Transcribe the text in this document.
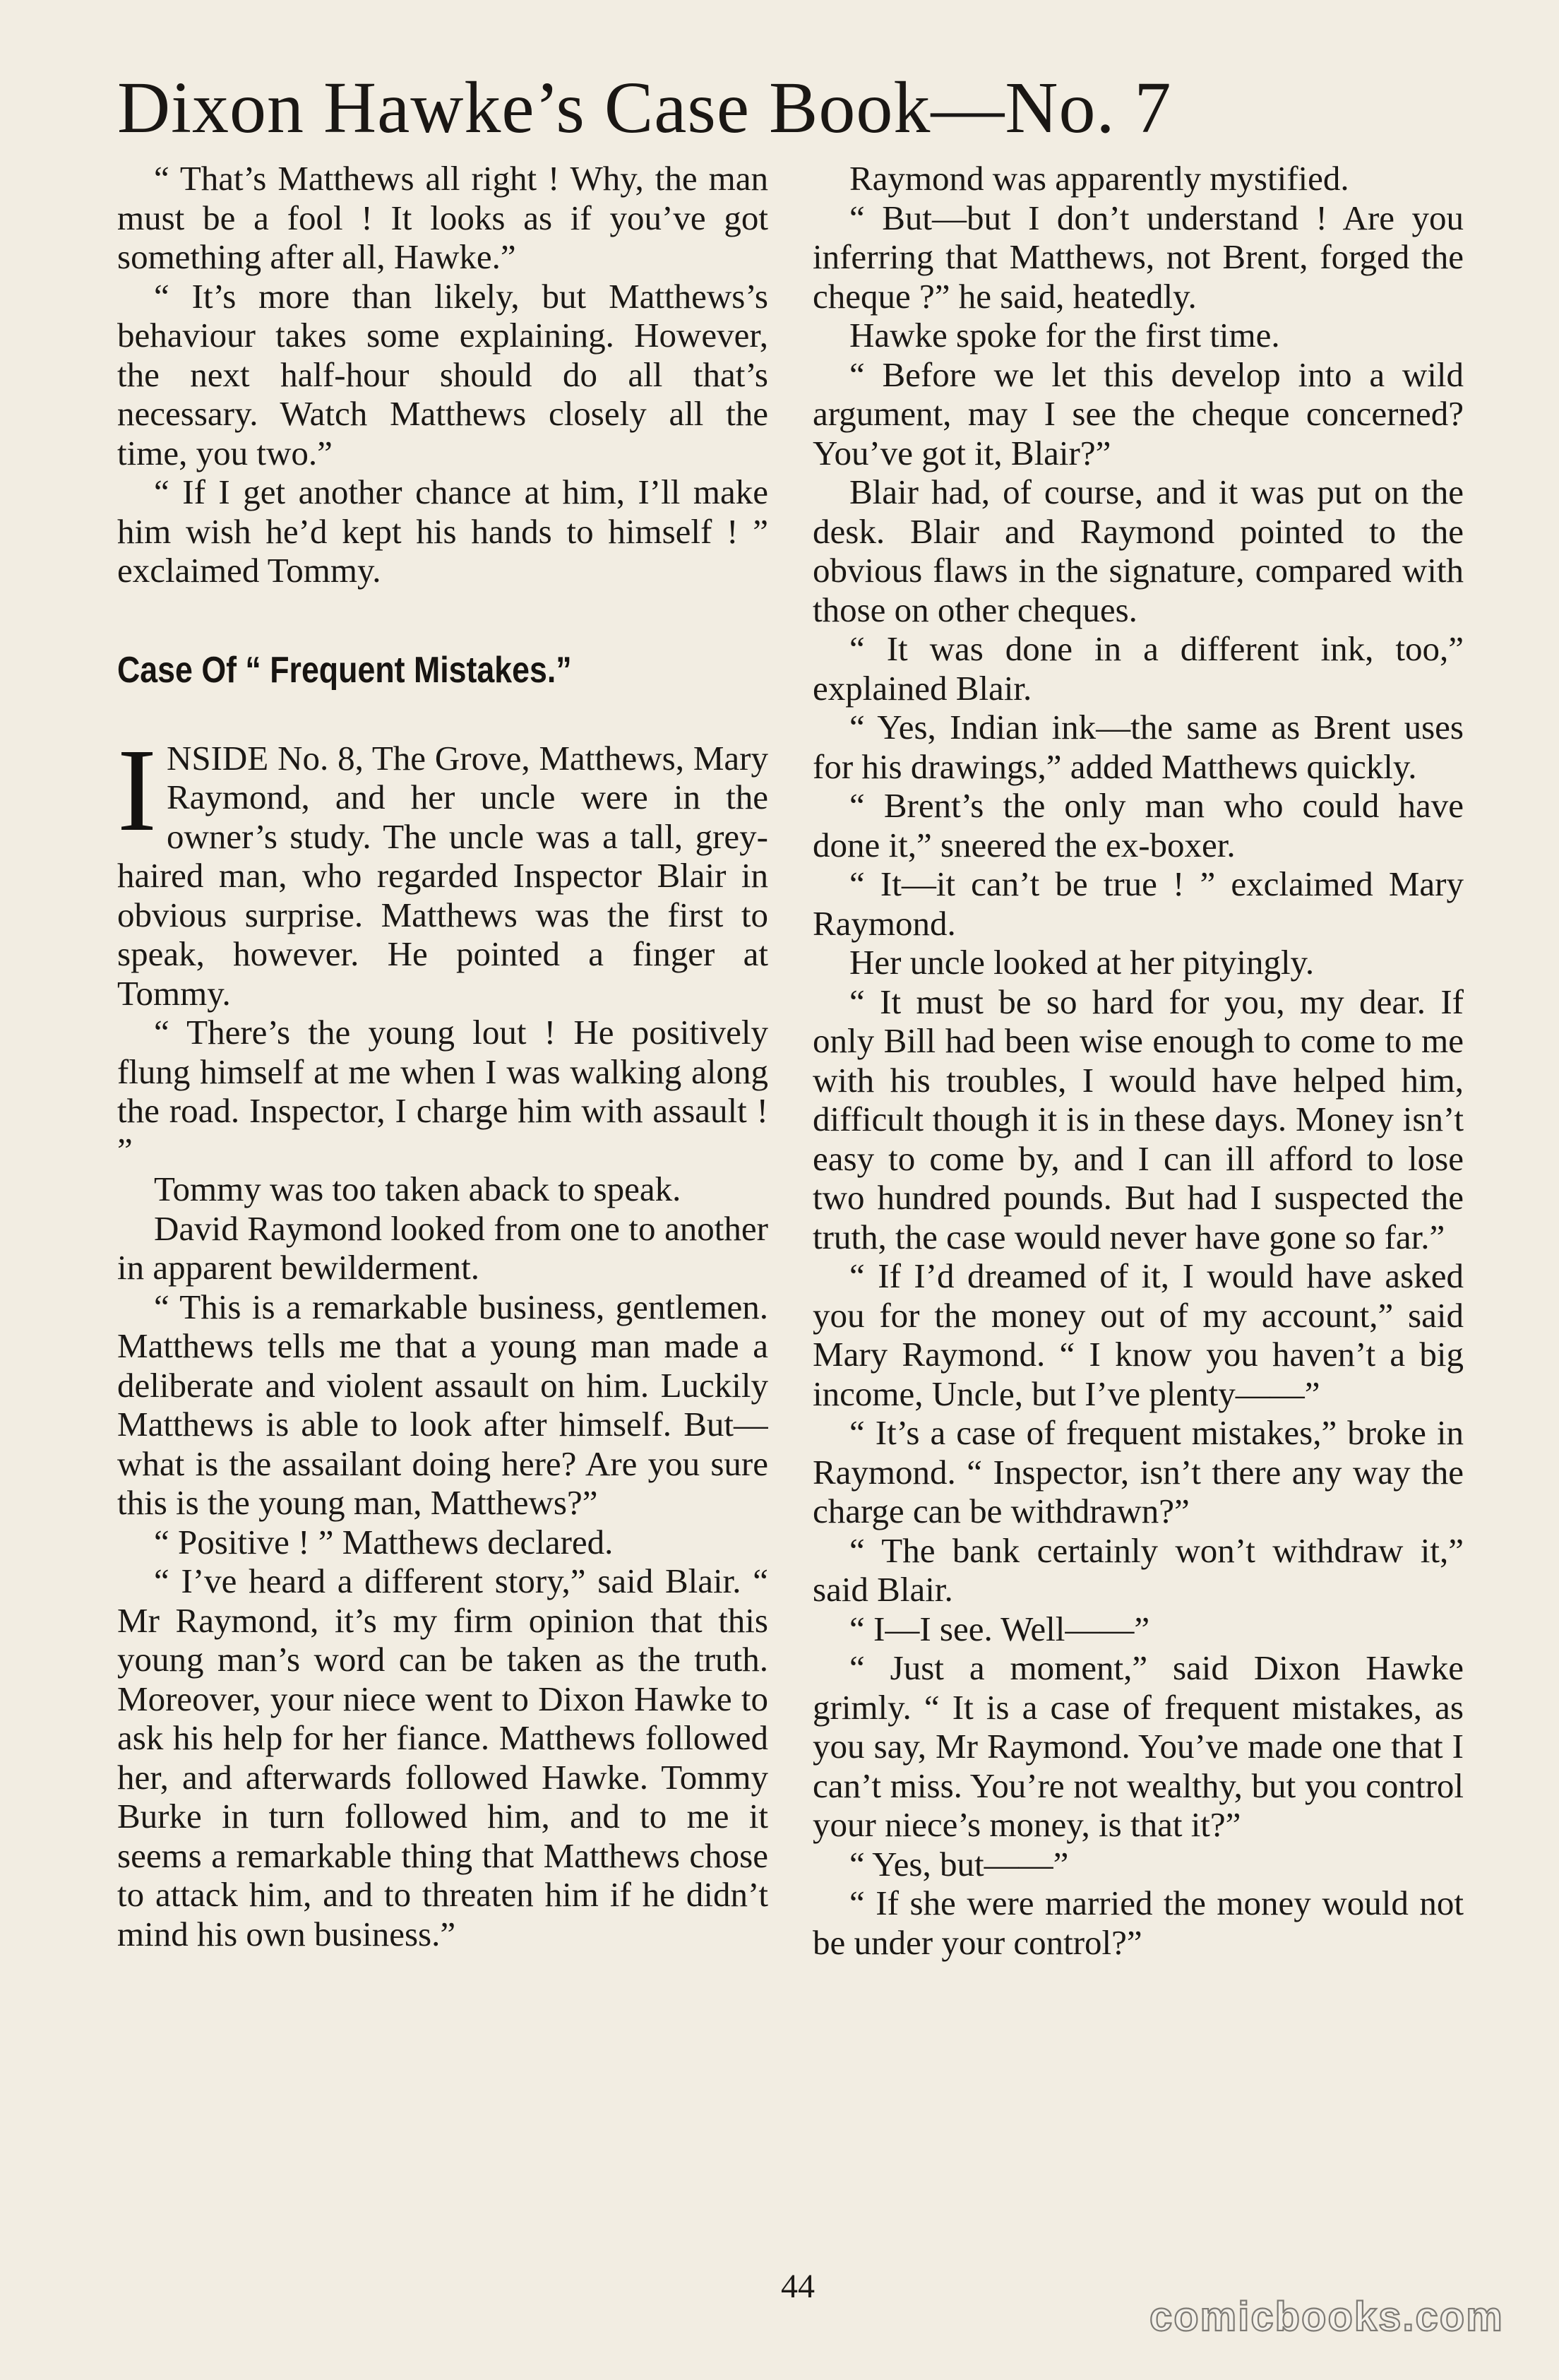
Dixon Hawke’s Case Book—No. 7

“ That’s Matthews all right ! Why, the man must be a fool ! It looks as if you’ve got something after all, Hawke.”

“ It’s more than likely, but Matthews’s behaviour takes some explaining. However, the next half-hour should do all that’s necessary. Watch Matthews closely all the time, you two.”

“ If I get another chance at him, I’ll make him wish he’d kept his hands to himself ! ” exclaimed Tommy.

Case Of “ Frequent Mistakes.”

INSIDE No. 8, The Grove, Matthews, Mary Raymond, and her uncle were in the owner’s study. The uncle was a tall, grey-haired man, who regarded Inspector Blair in obvious surprise. Matthews was the first to speak, however. He pointed a finger at Tommy.

“ There’s the young lout ! He positively flung himself at me when I was walking along the road. Inspector, I charge him with assault ! ”

Tommy was too taken aback to speak.

David Raymond looked from one to another in apparent bewilderment.

“ This is a remarkable business, gentlemen. Matthews tells me that a young man made a deliberate and violent assault on him. Luckily Matthews is able to look after himself. But—what is the assailant doing here? Are you sure this is the young man, Matthews?”

“ Positive ! ” Matthews declared.

“ I’ve heard a different story,” said Blair. “ Mr Raymond, it’s my firm opinion that this young man’s word can be taken as the truth. Moreover, your niece went to Dixon Hawke to ask his help for her fiance. Matthews followed her, and afterwards followed Hawke. Tommy Burke in turn followed him, and to me it seems a remarkable thing that Matthews chose to attack him, and to threaten him if he didn’t mind his own business.”

Raymond was apparently mystified.

“ But—but I don’t understand ! Are you inferring that Matthews, not Brent, forged the cheque ?” he said, heatedly.

Hawke spoke for the first time.

“ Before we let this develop into a wild argument, may I see the cheque concerned? You’ve got it, Blair?”

Blair had, of course, and it was put on the desk. Blair and Raymond pointed to the obvious flaws in the signature, compared with those on other cheques.

“ It was done in a different ink, too,” explained Blair.

“ Yes, Indian ink—the same as Brent uses for his drawings,” added Matthews quickly.

“ Brent’s the only man who could have done it,” sneered the ex-boxer.

“ It—it can’t be true ! ” exclaimed Mary Raymond.

Her uncle looked at her pityingly.

“ It must be so hard for you, my dear. If only Bill had been wise enough to come to me with his troubles, I would have helped him, difficult though it is in these days. Money isn’t easy to come by, and I can ill afford to lose two hundred pounds. But had I suspected the truth, the case would never have gone so far.”

“ If I’d dreamed of it, I would have asked you for the money out of my account,” said Mary Raymond. “ I know you haven’t a big income, Uncle, but I’ve plenty——”

“ It’s a case of frequent mistakes,” broke in Raymond. “ Inspector, isn’t there any way the charge can be withdrawn?”

“ The bank certainly won’t withdraw it,” said Blair.

“ I—I see. Well——”

“ Just a moment,” said Dixon Hawke grimly. “ It is a case of frequent mistakes, as you say, Mr Raymond. You’ve made one that I can’t miss. You’re not wealthy, but you control your niece’s money, is that it?”

“ Yes, but——”

“ If she were married the money would not be under your control?”

44
comicbooks.com
